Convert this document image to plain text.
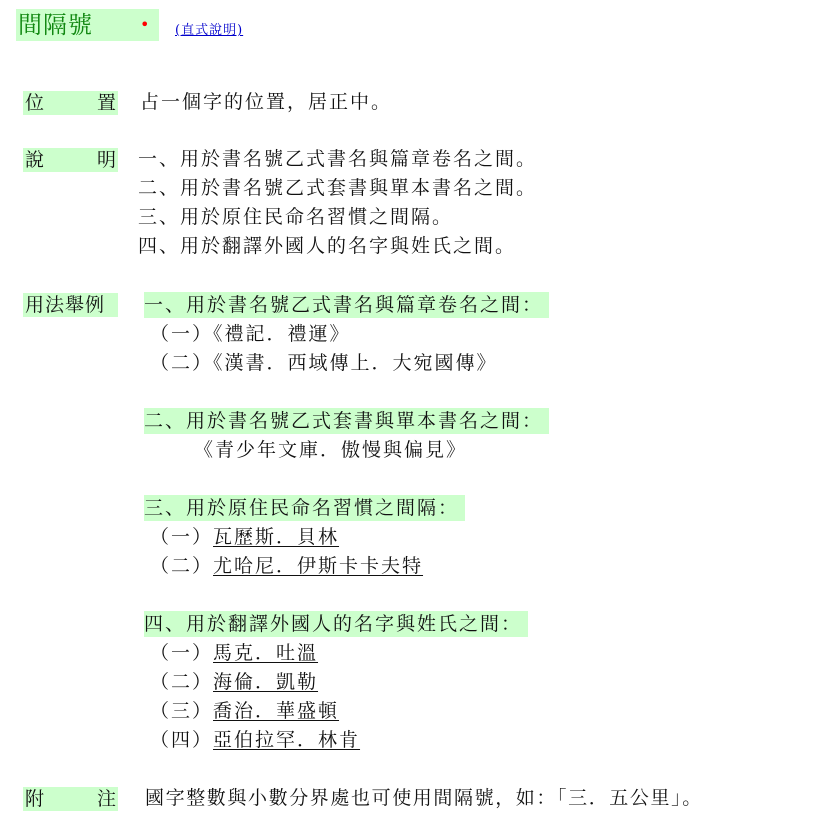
間隔號	• (直式說明)
位	置 占一個字的位置，居正中。
說	明 一、用於書名號乙式書名與篇章卷名之間。
二、用於書名號乙式套書與單本書名之間。
三、用於原住民命名習慣之間隔。
四、用於翻譯外國人的名字與姓氏之間。
用法舉例	一、用於書名號乙式書名與篇章卷名之間：
（一）《禮記．禮運》
（二）《漢書．西域傳上．大宛國傳》
二、用於書名號乙式套書與單本書名之間：
《青少年文庫．傲慢與偏見》
三、用於原住民命名習慣之間隔：
（一）瓦歷斯．貝林
（二）尤哈尼．伊斯卡卡夫特
四、用於翻譯外國人的名字與姓氏之間：
（一）馬克．吐溫
（二）海倫．凱勒
（三）喬治．華盛頓
（四）亞伯拉罕．林肯
附	注 國字整數與小數分界處也可使用間隔號，如：「三．五公里」。
